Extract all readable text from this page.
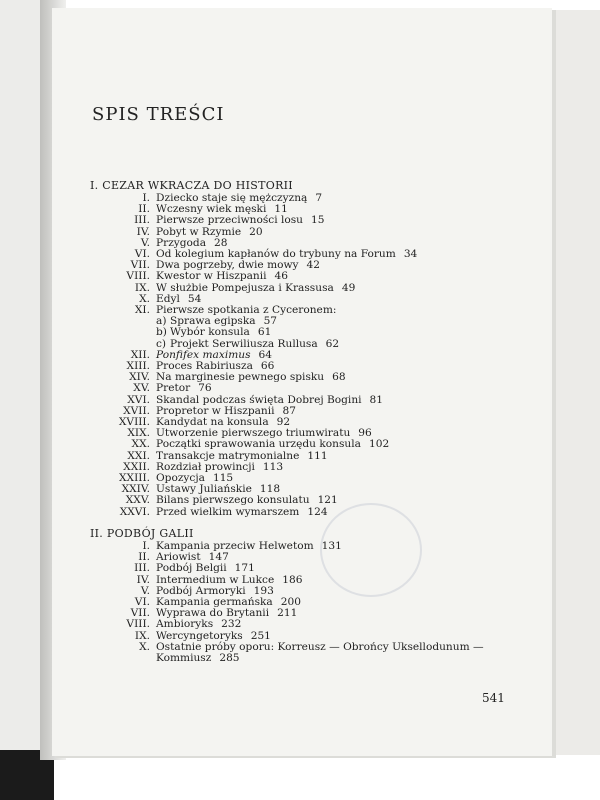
SPIS TREŚCI
I. CEZAR WKRACZA DO HISTORII
I. Dziecko staje się mężczyzną 7
II. Wczesny wiek męski 11
III. Pierwsze przeciwności losu 15
IV. Pobyt w Rzymie 20
V. Przygoda 28
VI. Od kolegium kapłanów do trybuny na Forum 34
VII. Dwa pogrzeby, dwie mowy 42
VIII. Kwestor w Hiszpanii 46
IX. W służbie Pompejusza i Krassusa 49
X. Edyl 54
XI. Pierwsze spotkania z Cyceronem:
a) Sprawa egipska 57
b) Wybór konsula 61
c) Projekt Serwiliusza Rullusa 62
XII. Ponfifex maximus 64
XIII. Proces Rabiriusza 66
XIV. Na marginesie pewnego spisku 68
XV. Pretor 76
XVI. Skandal podczas święta Dobrej Bogini 81
XVII. Propretor w Hiszpanii 87
XVIII. Kandydat na konsula 92
XIX. Utworzenie pierwszego triumwiratu 96
XX. Początki sprawowania urzędu konsula 102
XXI. Transakcje matrymonialne 111
XXII. Rozdział prowincji 113
XXIII. Opozycja 115
XXIV. Ustawy Juliańskie 118
XXV. Bilans pierwszego konsulatu 121
XXVI. Przed wielkim wymarszem 124
II. PODBÓJ GALII
I. Kampania przeciw Helwetom 131
II. Ariowist 147
III. Podbój Belgii 171
IV. Intermedium w Lukce 186
V. Podbój Armoryki 193
VI. Kampania germańska 200
VII. Wyprawa do Brytanii 211
VIII. Ambioryks 232
IX. Wercyngetoryks 251
X. Ostatnie próby oporu: Korreusz — Obrońcy Uksellodunum —
Kommiusz 285
541
